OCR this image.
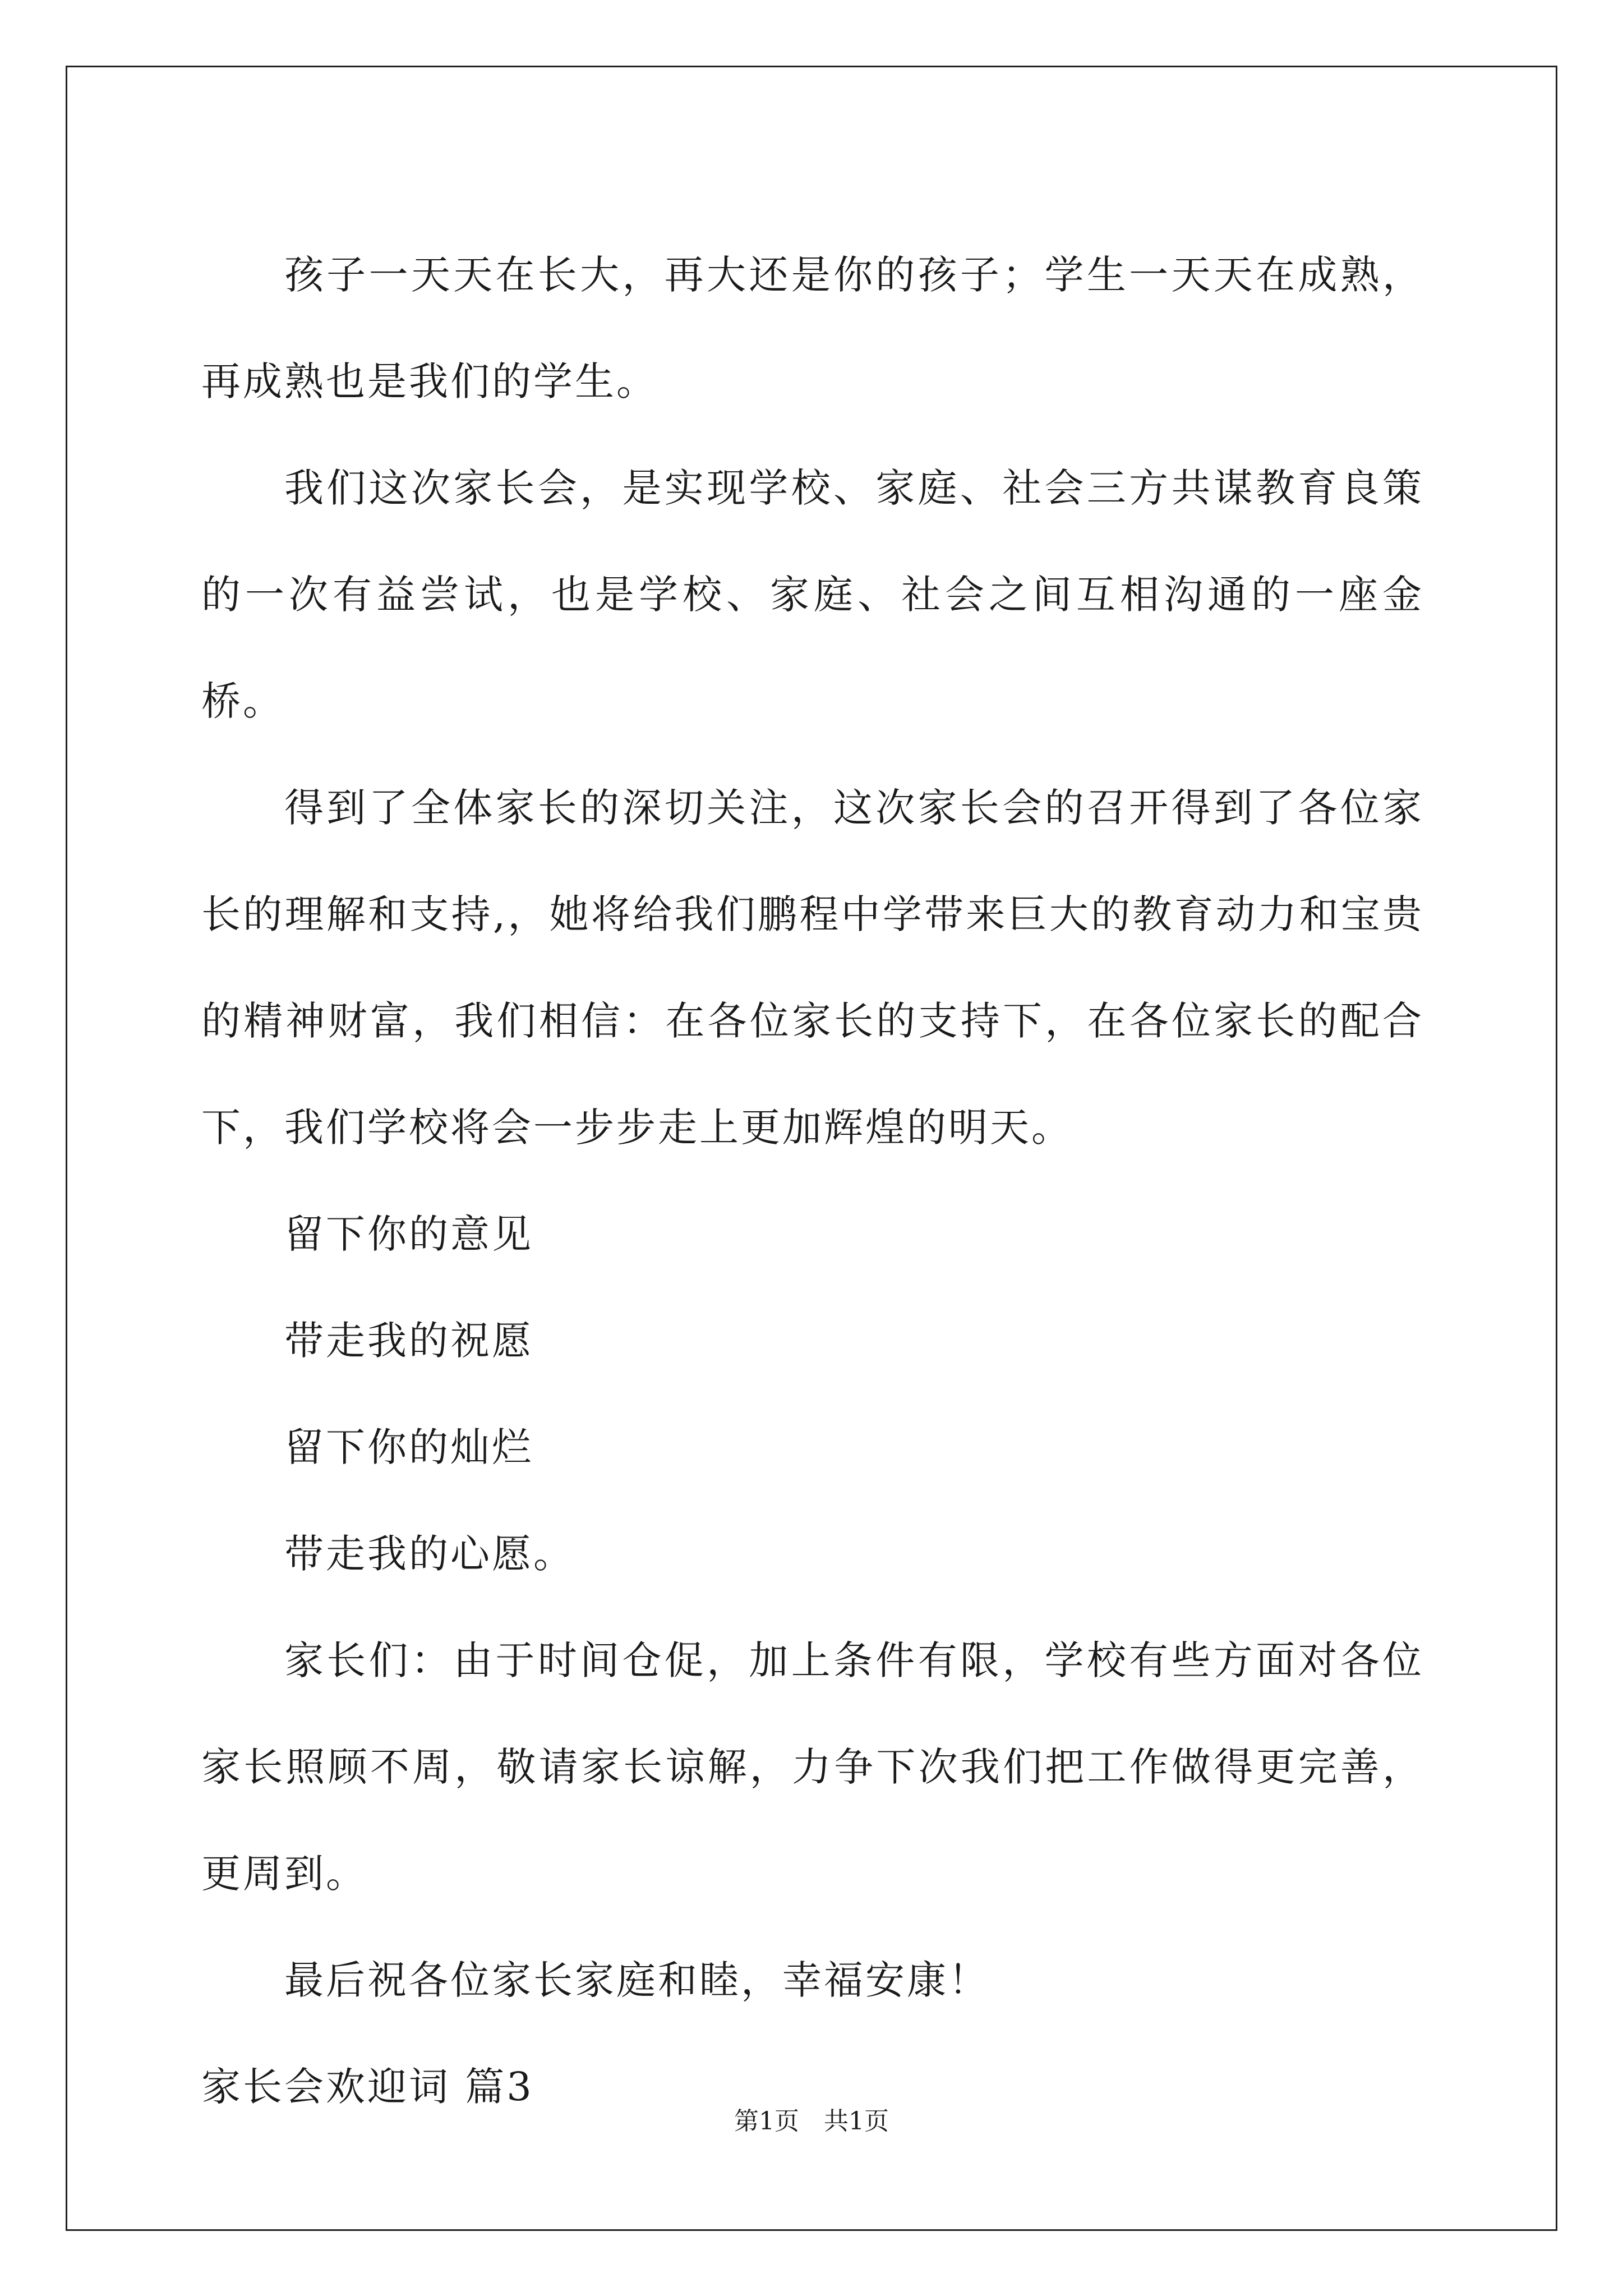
孩子一天天在长大，再大还是你的孩子；学生一天天在成熟，再成熟也是我们的学生。

我们这次家长会，是实现学校、家庭、社会三方共谋教育良策的一次有益尝试，也是学校、家庭、社会之间互相沟通的一座金桥。

得到了全体家长的深切关注，这次家长会的召开得到了各位家长的理解和支持,，她将给我们鹏程中学带来巨大的教育动力和宝贵的精神财富，我们相信：在各位家长的支持下，在各位家长的配合下，我们学校将会一步步走上更加辉煌的明天。

留下你的意见

带走我的祝愿

留下你的灿烂

带走我的心愿。

家长们：由于时间仓促，加上条件有限，学校有些方面对各位家长照顾不周，敬请家长谅解，力争下次我们把工作做得更完善，更周到。

最后祝各位家长家庭和睦，幸福安康！

家长会欢迎词 篇3

第1页　共1页
